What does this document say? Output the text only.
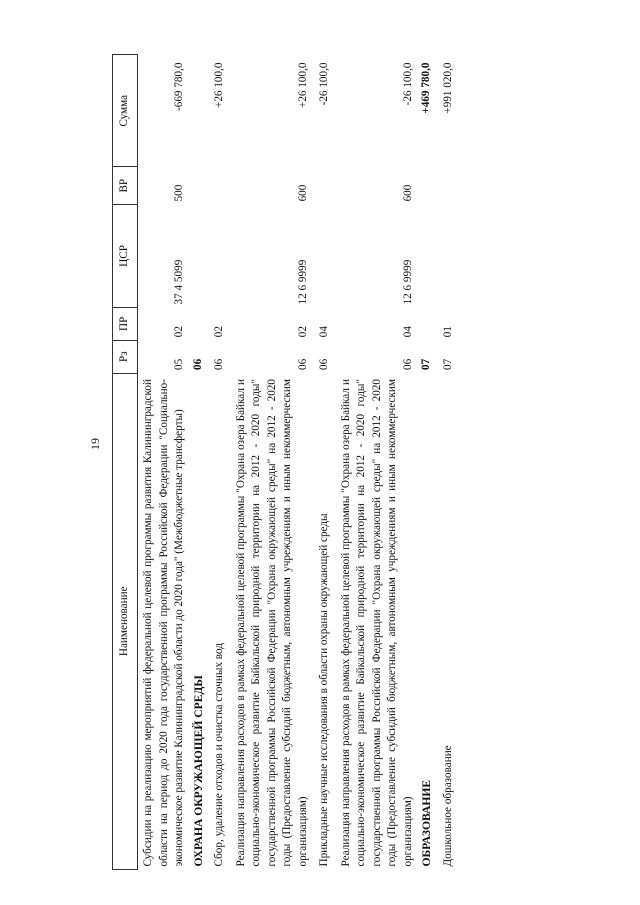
19
Наименование	Рз	ПР	ЦСР	ВР	Сумма
Субсидии на реализацию мероприятий федеральной целевой программы развития Калининградской области на период до 2020 года государственной программы Российской Федерации "Социально-экономическое развитие Калининградской области до 2020 года" (Межбюджетные трансферты)	05	02	37 4 5099	500	-669 780,0
ОХРАНА ОКРУЖАЮЩЕЙ СРЕДЫ	06				
Сбор, удаление отходов и очистка сточных вод	06	02			+26 100,0
Реализация направления расходов в рамках федеральной целевой программы "Охрана озера Байкал и социально-экономическое развитие Байкальской природной территории на 2012 - 2020 годы" государственной программы Российской Федерации "Охрана окружающей среды" на 2012 - 2020 годы (Предоставление субсидий бюджетным, автономным учреждениям и иным некоммерческим организациям)	06	02	12 6 9999	600	+26 100,0
Прикладные научные исследования в области охраны окружающей среды	06	04			-26 100,0
Реализация направления расходов в рамках федеральной целевой программы "Охрана озера Байкал и социально-экономическое развитие Байкальской природной территории на 2012 - 2020 годы" государственной программы Российской Федерации "Охрана окружающей среды" на 2012 - 2020 годы (Предоставление субсидий бюджетным, автономным учреждениям и иным некоммерческим организациям)	06	04	12 6 9999	600	-26 100,0
ОБРАЗОВАНИЕ	07				+469 780,0
Дошкольное образование	07	01			+991 020,0
